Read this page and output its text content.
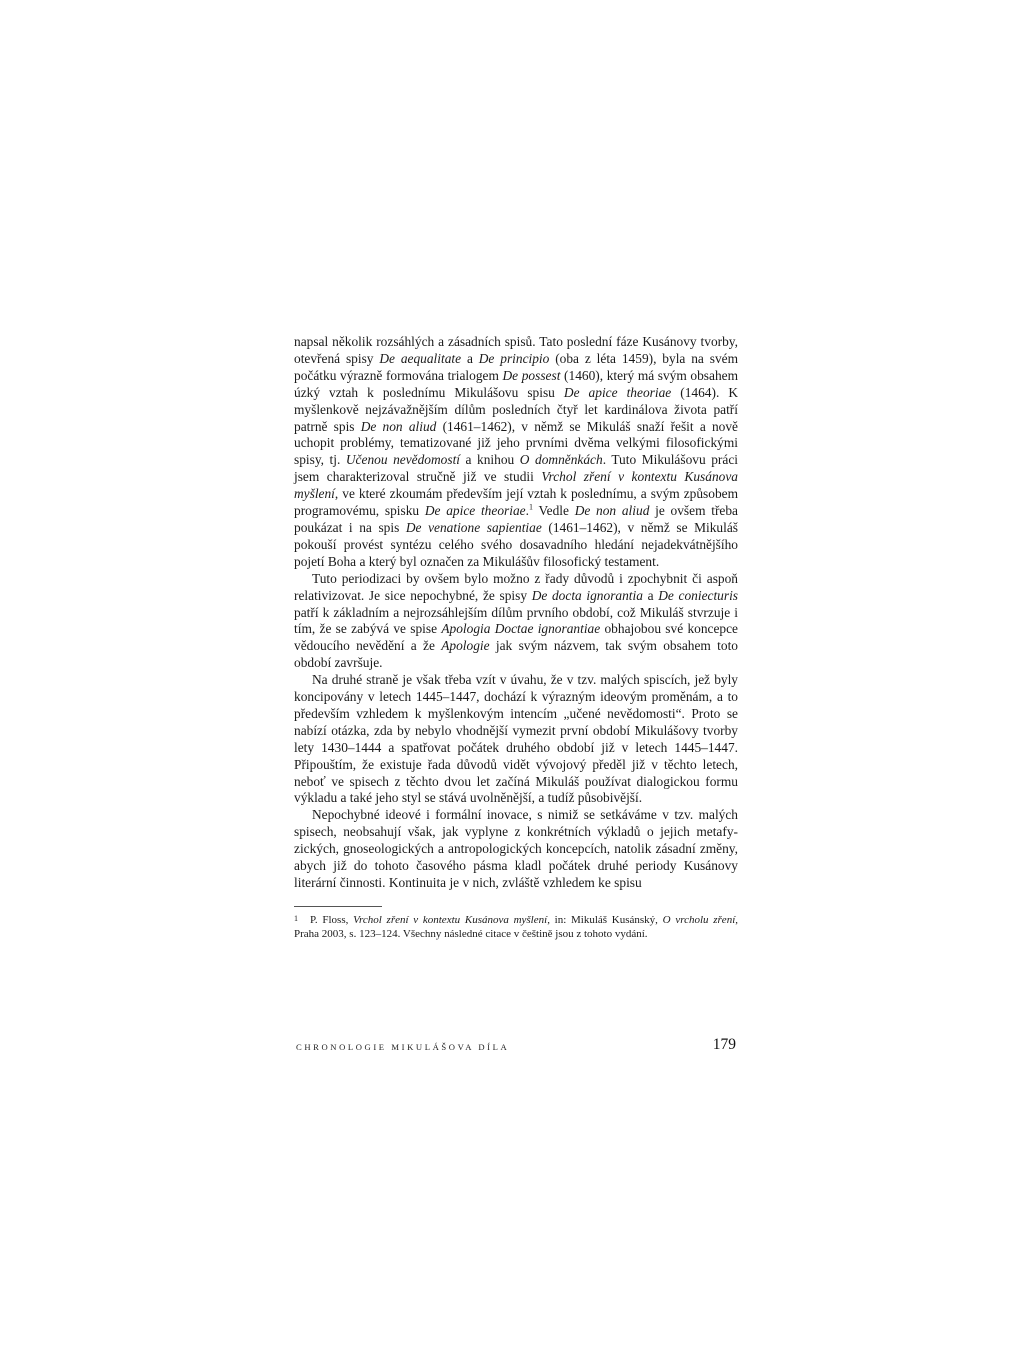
napsal několik rozsáhlých a zásadních spisů. Tato poslední fáze Kusánovy tvorby, otevřená spisy De aequalitate a De principio (oba z léta 1459), byla na svém počátku výrazně formována trialogem De possest (1460), který má svým obsahem úzký vztah k poslednímu Mikulášovu spisu De apice theoriae (1464). K myšlenkově nejzávažnějším dílům posledních čtyř let kardinálova života patří patrně spis De non aliud (1461–1462), v němž se Mikuláš snaží řešit a nově uchopit problémy, tematizované již jeho prvními dvěma velkými filosofickými spisy, tj. Učenou nevědomostí a knihou O domněnkách. Tuto Mikulášovu práci jsem charakterizoval stručně již ve studii Vrchol zření v kontextu Kusánova myšlení, ve které zkoumám především její vztah k poslednímu, a svým způsobem programovému, spisku De apice theoriae.$^1$ Vedle De non aliud je ovšem třeba poukázat i na spis De venatione sapientiae (1461–1462), v němž se Mikuláš pokouší provést syntézu celého svého dosavadního hledání nejadekvátnějšího pojetí Boha a který byl označen za Mikulášův filosofický testament.

Tuto periodizaci by ovšem bylo možno z řady důvodů i zpochybnit či aspoň relativizovat. Je sice nepochybné, že spisy De docta ignorantia a De coniecturis patří k základním a nejrozsáhlejším dílům prvního období, což Mikuláš stvrzuje i tím, že se zabývá ve spise Apologia Doctae ignorantiae obhajobou své koncepce vědoucího nevědění a že Apologie jak svým názvem, tak svým obsahem toto období završuje.

Na druhé straně je však třeba vzít v úvahu, že v tzv. malých spiscích, jež byly koncipovány v letech 1445–1447, dochází k výrazným ideovým proměnám, a to především vzhledem k myšlenkovým intencím „učené nevědomosti“. Proto se nabízí otázka, zda by nebylo vhodnější vymezit první období Mikulášovy tvorby lety 1430–1444 a spatřovat počátek druhého období již v letech 1445–1447. Připouštím, že existuje řada důvodů vidět vývojový předěl již v těchto letech, neboť ve spisech z těchto dvou let začíná Mikuláš používat dialogickou formu výkladu a také jeho styl se stává uvolněnější, a tudíž působivější.

Nepochybné ideové i formální inovace, s nimiž se setkáváme v tzv. malých spisech, neobsahují však, jak vyplyne z konkrétních výkladů o jejich metafyzických, gnoseologických a antropologických koncepcích, natolik zásadní změny, abych již do tohoto časového pásma kladl počátek druhé periody Kusánovy literární činnosti. Kontinuita je v nich, zvláště vzhledem ke spisu

1 P. Floss, Vrchol zření v kontextu Kusánova myšlení, in: Mikuláš Kusánský, O vrcholu zření, Praha 2003, s. 123–124. Všechny následné citace v češtině jsou z tohoto vydání.

CHRONOLOGIE MIKULÁŠOVA DÍLA	179
